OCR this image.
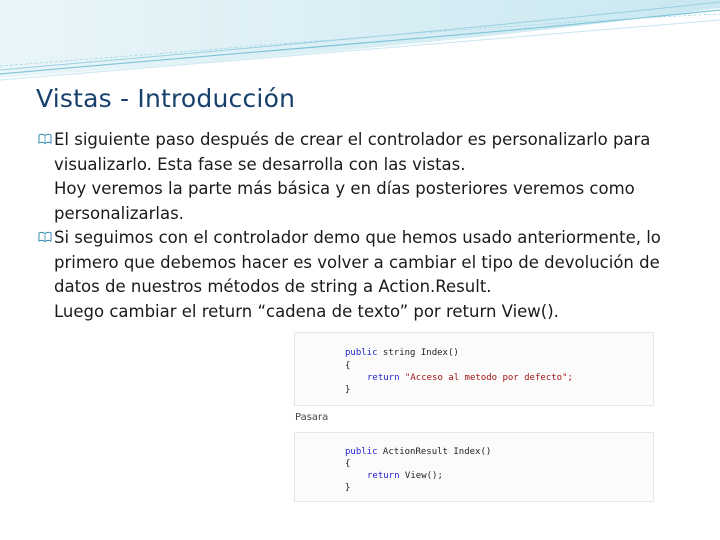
Vistas - Introducción
El siguiente paso después de crear el controlador es personalizarlo para
visualizarlo. Esta fase se desarrolla con las vistas.
Hoy veremos la parte más básica y en días posteriores veremos como
personalizarlas.
Si seguimos con el controlador demo que hemos usado anteriormente, lo
primero que debemos hacer es volver a cambiar el tipo de devolución de
datos de nuestros métodos de string a Action.Result.
Luego cambiar el return “cadena de texto” por return View().
public string Index()
{
return "Acceso al metodo por defecto";
}
Pasara
public ActionResult Index()
{
return View();
}
